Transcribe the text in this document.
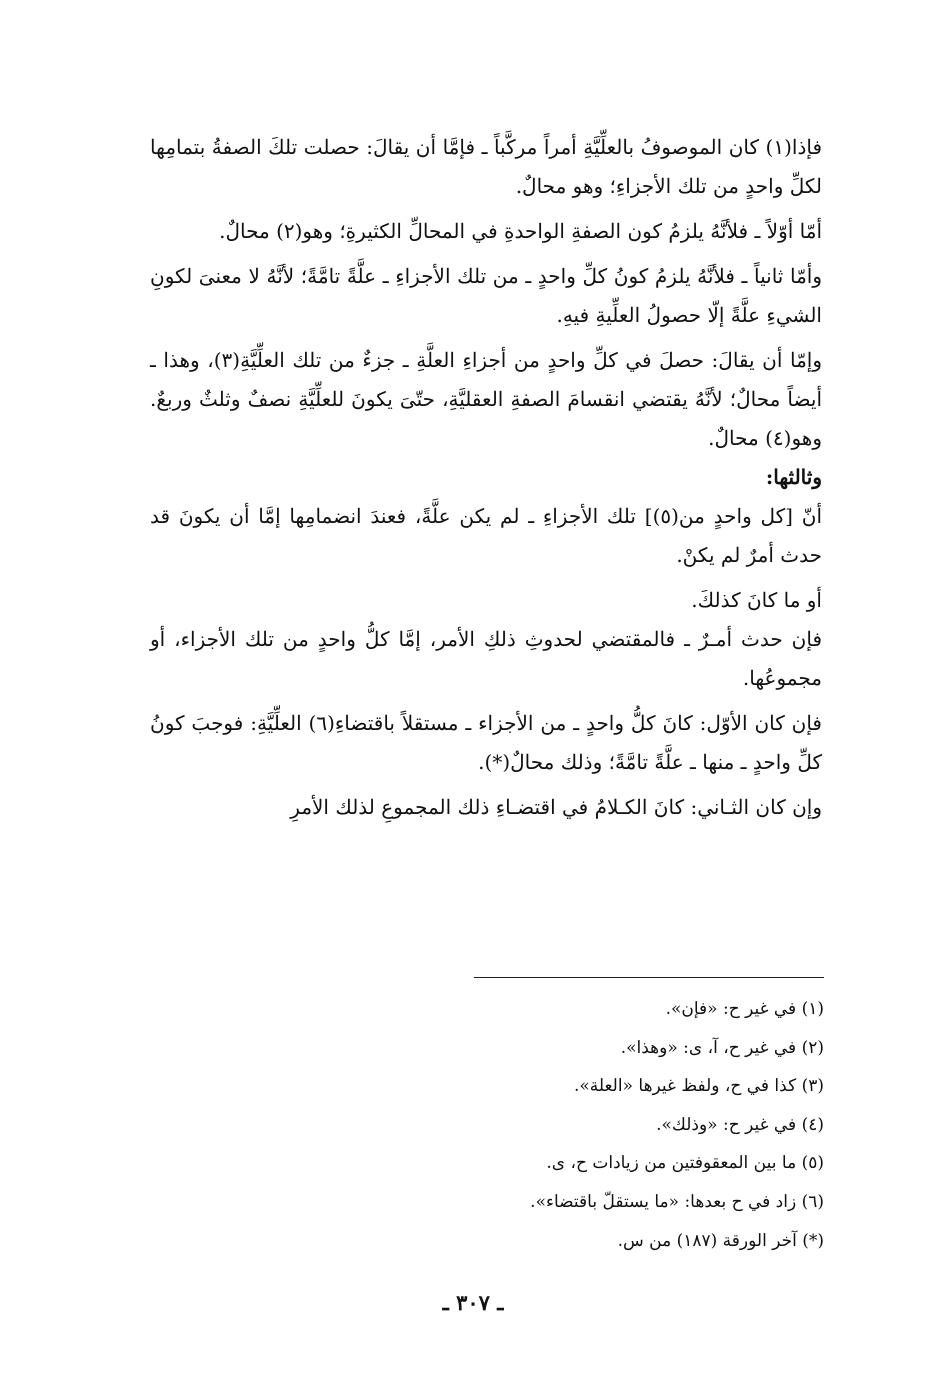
فإذا(١) كان الموصوفُ بالعلِّيَّةِ أمراً مركَّباً ـ فإمَّا أن يقالَ: حصلت تلكَ الصفةُ بتمامِها لكلِّ واحدٍ من تلك الأجزاءِ؛ وهو محالٌ.

أمّا أوّلاً ـ فلأنَّهُ يلزمُ كون الصفةِ الواحدةِ في المحالِّ الكثيرةِ؛ وهو(٢) محالٌ.

وأمّا ثانياً ـ فلأنَّهُ يلزمُ كونُ كلِّ واحدٍ ـ من تلك الأجزاءِ ـ علَّةً تامَّةً؛ لأنَّهُ لا معنىَ لكونِ الشيءِ علَّةً إلّا حصولُ العلِّيةِ فيهِ.

وإمّا أن يقالَ: حصلَ في كلِّ واحدٍ من أجزاءِ العلَّةِ ـ جزءٌ من تلك العلِّيَّةِ(٣)، وهذا ـ أيضاً محالٌ؛ لأنَّهُ يقتضي انقسامَ الصفةِ العقليَّةِ، حتّىَ يكونَ للعلِّيَّةِ نصفٌ وثلثٌ وربعٌ. وهو(٤) محالٌ.

وثالثها:

أنّ [كل واحدٍ من(٥)] تلك الأجزاءِ ـ لم يكن علَّةً، فعندَ انضمامِها إمَّا أن يكونَ قد حدث أمرٌ لم يكنْ.

أو ما كانَ كذلكَ.

فإن حدث أمـرٌ ـ فالمقتضي لحدوثِ ذلكِ الأمر، إمَّا كلُّ واحدٍ من تلك الأجزاء، أو مجموعُها.

فإن كان الأوّل: كانَ كلُّ واحدٍ ـ من الأجزاء ـ مستقلاً باقتضاءِ(٦) العلِّيَّةِ: فوجبَ كونُ كلِّ واحدٍ ـ منها ـ علَّةً تامَّةً؛ وذلك محالٌ(*).

وإن كان الثـاني: كانَ الكـلامُ في اقتضـاءِ ذلك المجموعِ لذلك الأمرِ

(١) في غير ح: «فإن».

(٢) في غير ح، آ، ى: «وهذا».

(٣) كذا في ح، ولفظ غيرها «العلة».

(٤) في غير ح: «وذلك».

(٥) ما بين المعقوفتين من زيادات ح، ى.

(٦) زاد في ح بعدها: «ما يستقلّ باقتضاء».

(*) آخر الورقة (١٨٧) من س.

ـ ٣٠٧ ـ
